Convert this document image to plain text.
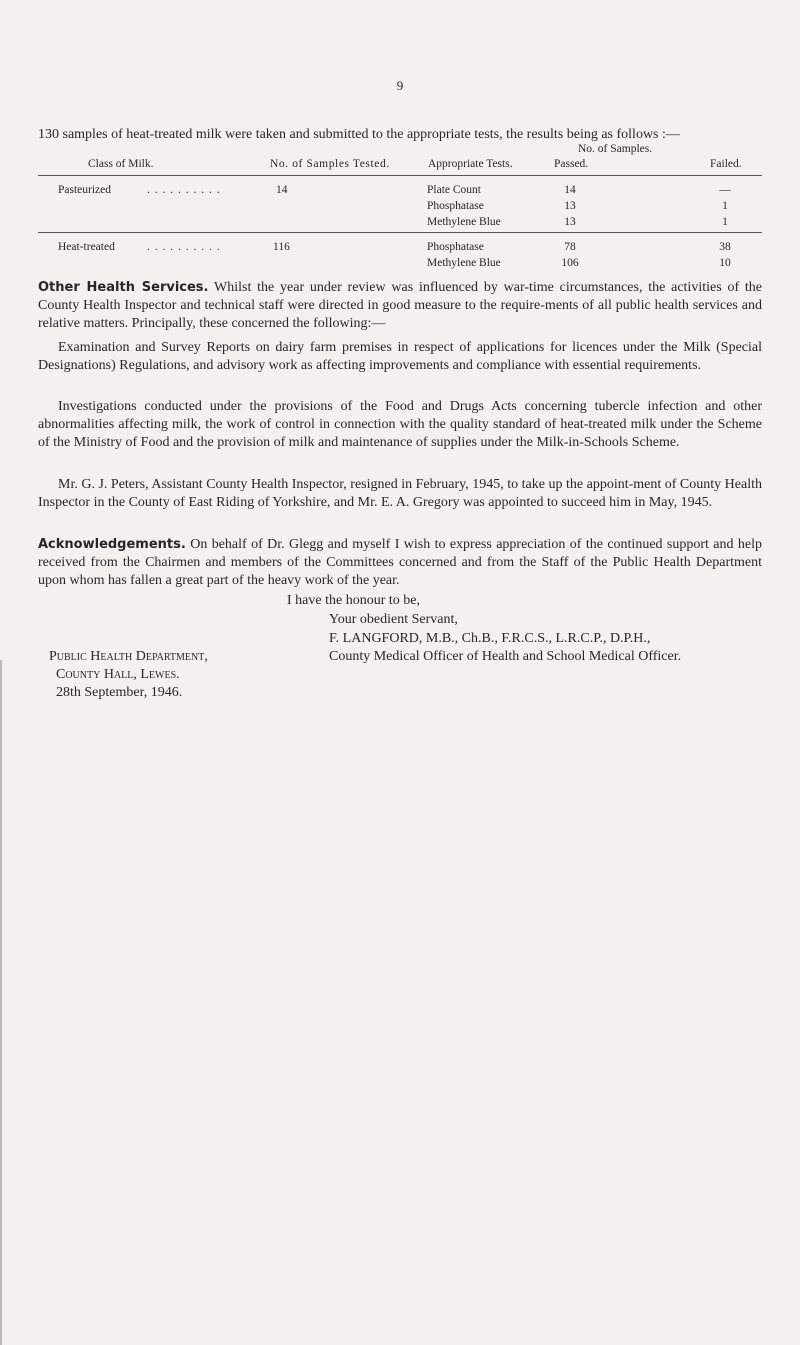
9

130 samples of heat-treated milk were taken and submitted to the appropriate tests, the results being as follows :—

No. of Samples.
Class of Milk.	No. of Samples Tested.	Appropriate Tests.	Passed.	Failed.
Pasteurized	. . . . . . . . . .	14	Plate Count	14	—
Phosphatase	13	1
Methylene Blue	13	1
Heat-treated	. . . . . . . . . .	116	Phosphatase	78	38
Methylene Blue	106	10

Other Health Services. Whilst the year under review was influenced by war-time circumstances, the activities of the County Health Inspector and technical staff were directed in good measure to the require-ments of all public health services and relative matters. Principally, these concerned the following:—

Examination and Survey Reports on dairy farm premises in respect of applications for licences under the Milk (Special Designations) Regulations, and advisory work as affecting improvements and compliance with essential requirements.

Investigations conducted under the provisions of the Food and Drugs Acts concerning tubercle infection and other abnormalities affecting milk, the work of control in connection with the quality standard of heat-treated milk under the Scheme of the Ministry of Food and the provision of milk and maintenance of supplies under the Milk-in-Schools Scheme.

Mr. G. J. Peters, Assistant County Health Inspector, resigned in February, 1945, to take up the appoint-ment of County Health Inspector in the County of East Riding of Yorkshire, and Mr. E. A. Gregory was appointed to succeed him in May, 1945.

Acknowledgements. On behalf of Dr. Glegg and myself I wish to express appreciation of the continued support and help received from the Chairmen and members of the Committees concerned and from the Staff of the Public Health Department upon whom has fallen a great part of the heavy work of the year.

I have the honour to be,
Your obedient Servant,
F. LANGFORD, M.B., Ch.B., F.R.C.S., L.R.C.P., D.P.H.,
County Medical Officer of Health and School Medical Officer.
Public Health Department,
County Hall, Lewes.
28th September, 1946.
